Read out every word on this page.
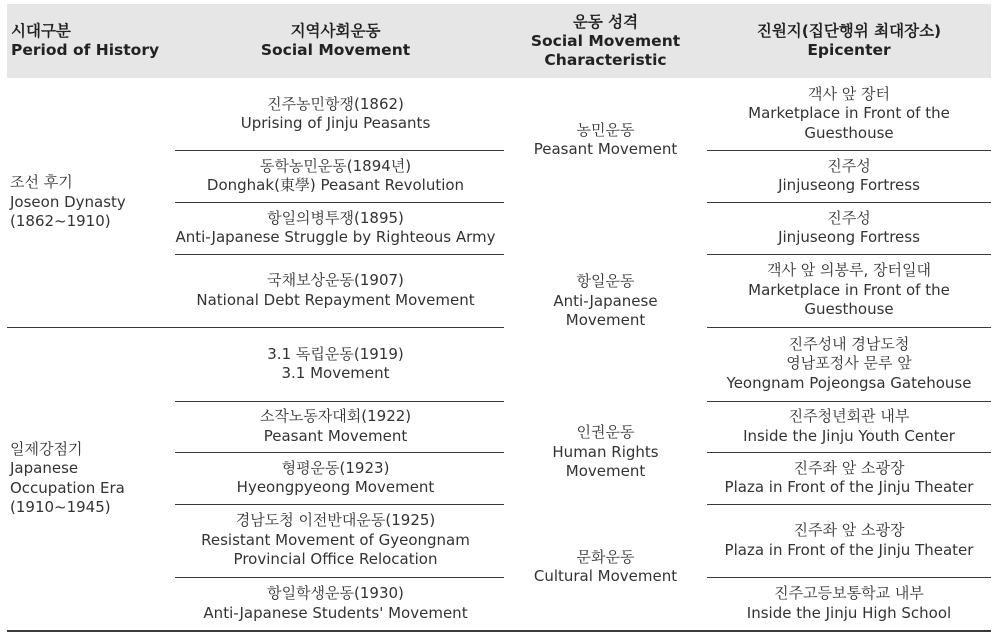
시대구분
Period of History
지역사회운동
Social Movement
운동 성격
Social Movement
Characteristic
진원지(집단행위 최대장소)
Epicenter
조선 후기
Joseon Dynasty
(1862~1910)
일제강점기
Japanese
Occupation Era
(1910~1945)
진주농민항쟁(1862)
Uprising of Jinju Peasants
동학농민운동(1894년)
Donghak(東學) Peasant Revolution
항일의병투쟁(1895)
Anti-Japanese Struggle by Righteous Army
국채보상운동(1907)
National Debt Repayment Movement
3.1 독립운동(1919)
3.1 Movement
소작노동자대회(1922)
Peasant Movement
형평운동(1923)
Hyeongpyeong Movement
경남도청 이전반대운동(1925)
Resistant Movement of Gyeongnam
Provincial Office Relocation
항일학생운동(1930)
Anti-Japanese Students' Movement
농민운동
Peasant Movement
항일운동
Anti-Japanese
Movement
인권운동
Human Rights
Movement
문화운동
Cultural Movement
객사 앞 장터
Marketplace in Front of the
Guesthouse
진주성
Jinjuseong Fortress
진주성
Jinjuseong Fortress
객사 앞 의봉루, 장터일대
Marketplace in Front of the
Guesthouse
진주성내 경남도청
영남포정사 문루 앞
Yeongnam Pojeongsa Gatehouse
진주청년회관 내부
Inside the Jinju Youth Center
진주좌 앞 소광장
Plaza in Front of the Jinju Theater
진주좌 앞 소광장
Plaza in Front of the Jinju Theater
진주고등보통학교 내부
Inside the Jinju High School
